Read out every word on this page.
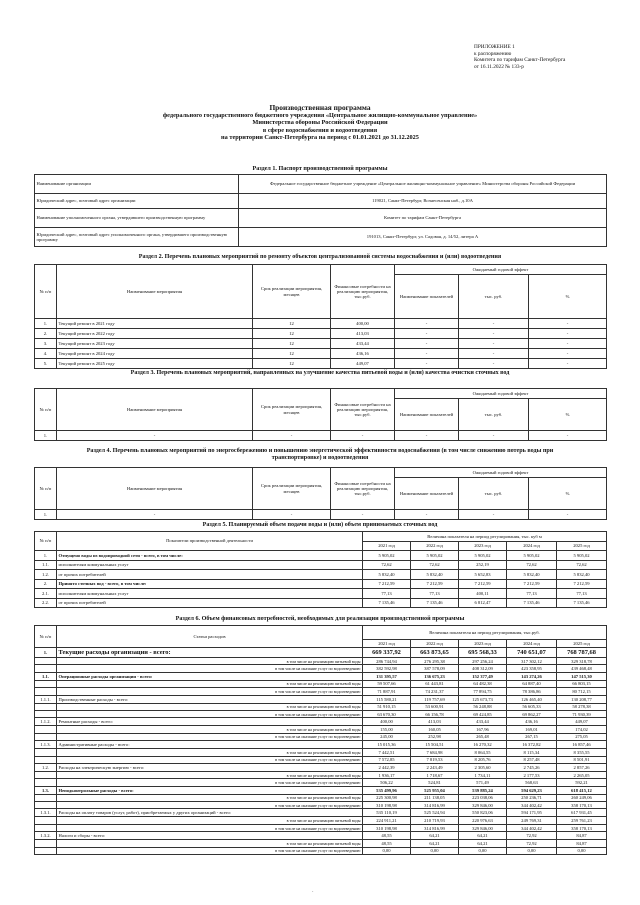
ПРИЛОЖЕНИЕ 1
к распоряжению
Комитета по тарифам Санкт-Петербурга
от 16.11.2022 № 133-р
Производственная программа
федерального государственного бюджетного учреждения «Центральное жилищно-коммунальное управление»
Министерства обороны Российской Федерации
в сфере водоснабжения и водоотведения
на территории Санкт-Петербурга на период с 01.01.2021 до 31.12.2025
Раздел 1. Паспорт производственной программы
Наименование организации	Федеральное государственное бюджетное учреждение «Центральное жилищно-коммунальное управление» Министерства обороны Российской Федерации
Юридический адрес, почтовый адрес организации	119021, Санкт-Петербург, Вознесенская наб., д.10А
Наименование уполномоченного органа, утвердившего производственную программу	Комитет по тарифам Санкт-Петербурга
Юридический адрес, почтовый адрес уполномоченного органа, утвердившего производственную программу	191013, Санкт-Петербург, ул. Садовая, д. 14/52, литера А
Раздел 2. Перечень плановых мероприятий по ремонту объектов централизованной системы водоснабжения и (или) водоотведения
№ п/п	Наименование мероприятия	Срок реализации мероприятия, месяцев	Финансовые потребности на реализацию мероприятия, тыс.руб.	Ожидаемый годовой эффект		
				Наименование показателей	тыс. руб.	%
1.	Текущий ремонт в 2021 году	12	400,00	-	-	-
2.	Текущий ремонт в 2022 году	12	413,03	-	-	-
3.	Текущий ремонт в 2023 году	12	433,44	-	-	-
4.	Текущий ремонт в 2024 году	12	436,16	-	-	-
5.	Текущий ремонт в 2025 году	12	449,07	-	-	-
Раздел 3. Перечень плановых мероприятий, направленных на улучшение качества питьевой воды и (или) качества очистки сточных вод
№ п/п	Наименование мероприятия	Срок реализации мероприятия, месяцев	Финансовые потребности на реализацию мероприятия, тыс.руб.	Ожидаемый годовой эффект		
				Наименование показателей	тыс. руб.	%
1.	-	-	-	-	-	-
Раздел 4. Перечень плановых мероприятий по энергосбережению и повышению энергетической эффективности водоснабжения (в том числе снижению потерь воды при транспортировке) и водоотведения
№ п/п	Наименование мероприятия	Срок реализации мероприятия, месяцев	Финансовые потребности на реализацию мероприятия, тыс.руб.	Ожидаемый годовой эффект		
				Наименование показателей	тыс. руб.	%
1.	-	-	-	-	-	-
Раздел 5. Планируемый объем подачи воды и (или) объем принимаемых сточных вод
№ п/п	Показатели производственной деятельности	Величина показателя на период регулирования, тыс. куб м				
		2021 год	2022 год	2023 год	2024 год	2025 год
1.	Отпущено воды из водопроводной сети - всего, в том числе:	5 905,02	5 905,02	5 905,02	5 905,02	5 905,02
1.1.	исполнителям коммунальных услуг	72,62	72,62	252,19	72,62	72,62
1.2.	от прочих потребителей	5 832,40	5 832,40	5 652,83	5 832,40	5 832,40
2.	Принято сточных вод - всего, в том числе:	7 212,59	7 212,59	7 212,59	7 212,59	7 212,59
2.1.	исполнителям коммунальных услуг	77,13	77,13	400,11	77,13	77,13
2.2.	от прочих потребителей	7 135,46	7 135,46	6 812,47	7 135,46	7 135,46
Раздел 6. Объем финансовых потребностей, необходимых для реализации производственной программы
№ п/п	Статьи расходов	Величина показателя на период регулирования, тыс.руб.				
		2021 год	2022 год	2023 год	2024 год	2025 год
1.	Текущие расходы организации - всего:	669 337,92	663 873,65	695 568,33	740 651,07	768 787,68
	в том числе на реализацию питьевой воды	286 744,94	276 295,38	297 256,24	317 302,12	329 318,78
	в том числе на оказание услуг по водоотведению	382 592,98	387 578,09	408 312,09	423 358,95	439 468,48
1.1.	Операционные расходы организации - всего:	131 395,57	136 675,23	152 377,49	143 274,26	147 515,30
	в том числе на реализацию питьевой воды	59 507,66	61 443,81	64 482,38	64 887,40	66 803,15
	в том числе на оказание услуг по водоотведению	71 887,91	74 231,37	77 894,75	78 386,86	80 712,15
1.1.1.	Производственные расходы - всего:	115 580,21	119 757,69	125 673,73	126 465,40	130 208,77
	в том числе на реализацию питьевой воды	51 910,15	53 600,91	56 248,88	56 605,33	58 278,38
	в том числе на оказание услуг по водоотведению	63 670,30	66 156,78	69 424,85	69 862,27	71 930,39
1.1.2.	Ремонтные расходы - всего:	400,00	413,03	433,44	436,16	449,07
	в том числе на реализацию питьевой воды	155,00	160,05	167,96	169,01	174,02
	в том числе на оказание услуг по водоотведению	245,00	252,98	265,48	267,15	275,05
1.1.3.	Административные расходы - всего:	15 015,36	15 504,51	16 270,32	16 372,82	16 857,46
	в том числе на реализацию питьевой воды	7 442,51	7 684,98	8 064,55	8 115,34	8 355,55
	в том числе на оказание услуг по водоотведению	7 572,85	7 819,53	8 205,76	8 257,48	8 501,91
1.2.	Расходы на электрическую энергию - всего:	2 442,39	2 243,49	2 305,60	2 745,26	2 857,26
	в том числе на реализацию питьевой воды	1 936,17	1 718,67	1 734,11	2 177,53	2 265,05
	в том числе на оказание услуг по водоотведению	506,22	524,81	571,49	568,63	592,21
1.3.	Неподконтрольные расходы - всего:	535 499,96	525 955,04	539 885,24	594 629,23	618 415,12
	в том числе на реализацию питьевой воды	225 300,98	211 138,05	223 038,06	250 236,71	260 249,06
	в том числе на оказание услуг по водоотведению	310 198,98	314 816,99	329 846,00	344 402,42	358 170,13
1.3.1.	Расходы на оплату товаров (услуг, работ), приобретаемых у других организаций - всего:	535 110,19	525 524,94	550 823,06	594 171,95	617 931,45
	в том числе на реализацию питьевой воды	224 911,21	210 719,93	220 976,63	249 769,31	259 761,23
	в том числе на оказание услуг по водоотведению	310 198,98	314 816,99	329 846,00	344 402,42	358 170,13
1.3.2.	Налоги и сборы - всего:	48,55	64,21	64,21	72,92	84,87
	в том числе на реализацию питьевой воды	48,55	64,21	64,21	72,92	84,87
	в том числе на оказание услуг по водоотведению	0,00	0,00	0,00	0,00	0,00
·
